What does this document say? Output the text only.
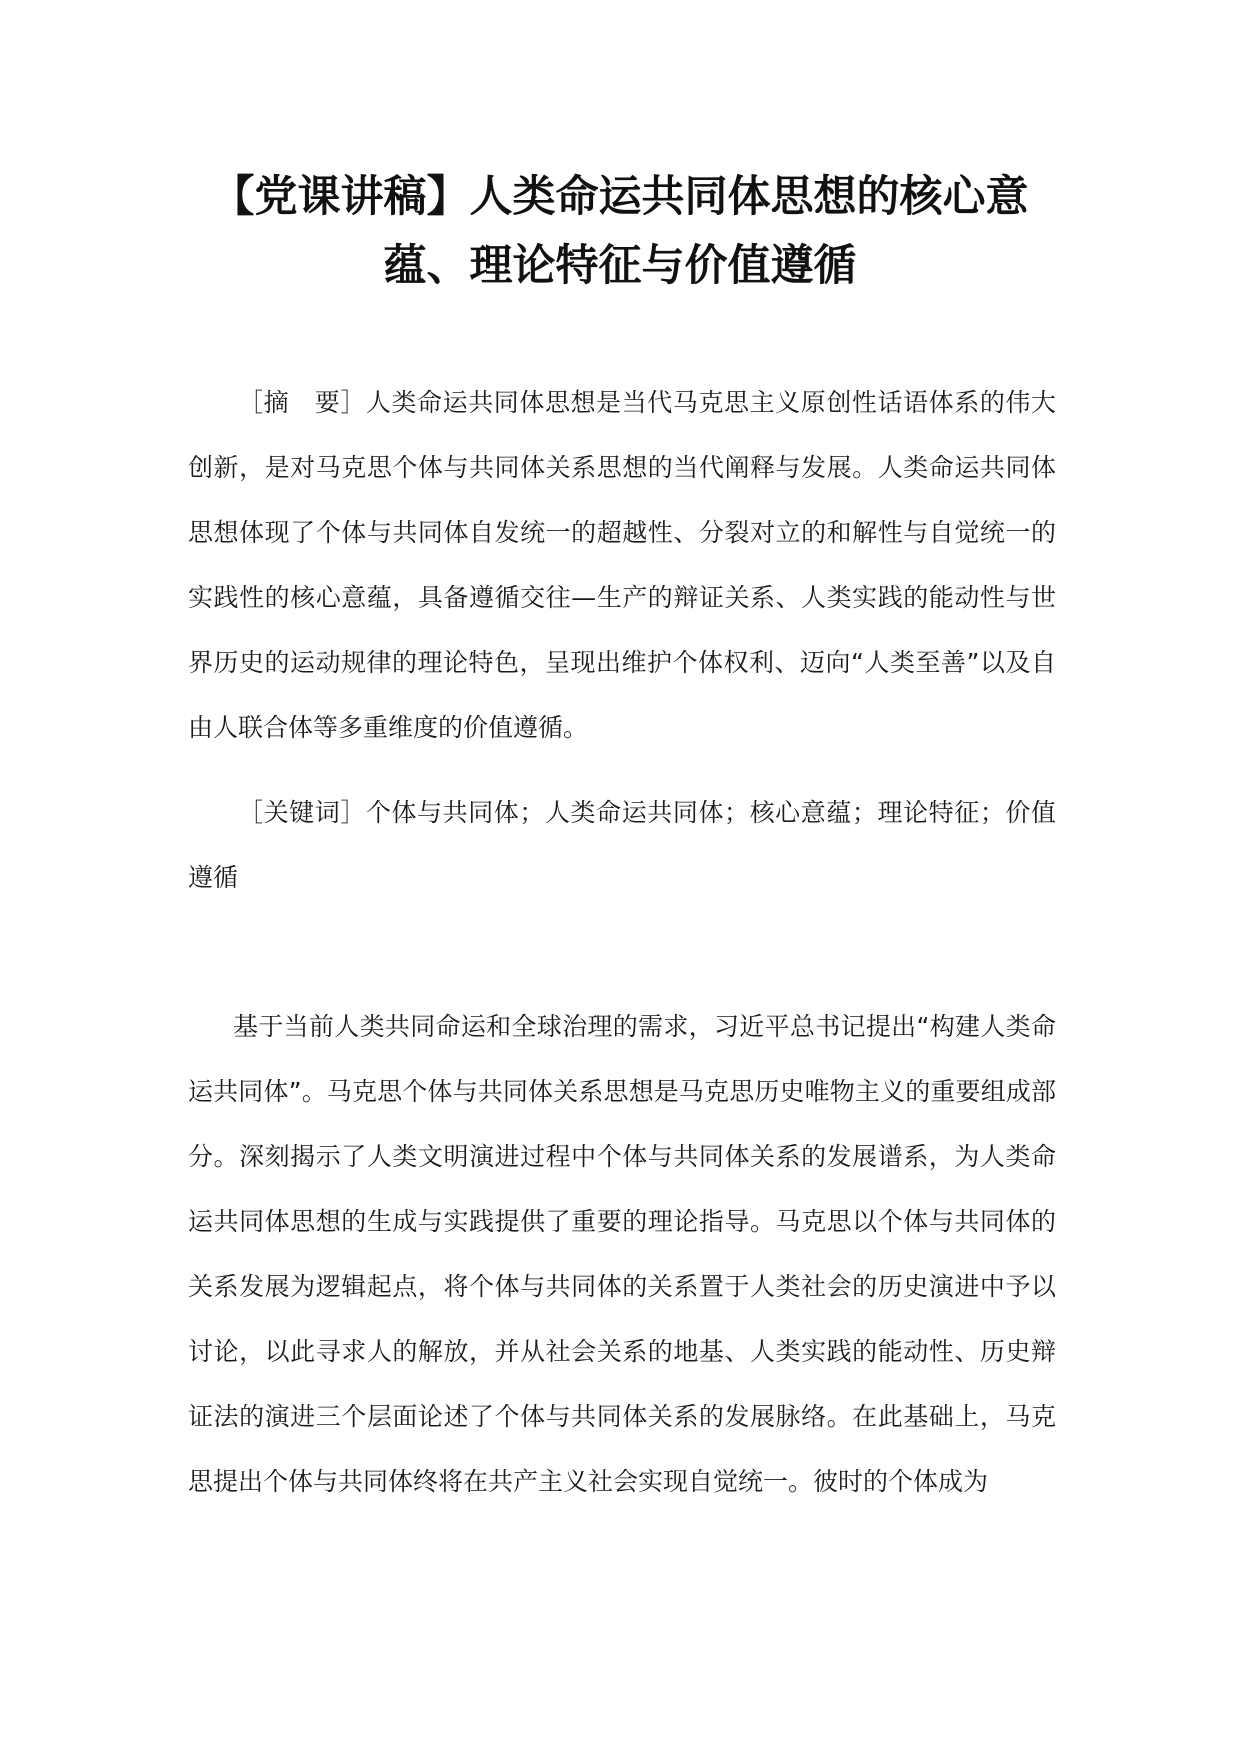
【党课讲稿】人类命运共同体思想的核心意蕴、理论特征与价值遵循

［摘　要］人类命运共同体思想是当代马克思主义原创性话语体系的伟大创新，是对马克思个体与共同体关系思想的当代阐释与发展。人类命运共同体思想体现了个体与共同体自发统一的超越性、分裂对立的和解性与自觉统一的实践性的核心意蕴，具备遵循交往—生产的辩证关系、人类实践的能动性与世界历史的运动规律的理论特色，呈现出维护个体权利、迈向“人类至善”以及自由人联合体等多重维度的价值遵循。

［关键词］个体与共同体；人类命运共同体；核心意蕴；理论特征；价值遵循

基于当前人类共同命运和全球治理的需求，习近平总书记提出“构建人类命运共同体”。马克思个体与共同体关系思想是马克思历史唯物主义的重要组成部分。深刻揭示了人类文明演进过程中个体与共同体关系的发展谱系，为人类命运共同体思想的生成与实践提供了重要的理论指导。马克思以个体与共同体的关系发展为逻辑起点，将个体与共同体的关系置于人类社会的历史演进中予以讨论，以此寻求人的解放，并从社会关系的地基、人类实践的能动性、历史辩证法的演进三个层面论述了个体与共同体关系的发展脉络。在此基础上，马克思提出个体与共同体终将在共产主义社会实现自觉统一。彼时的个体成为
